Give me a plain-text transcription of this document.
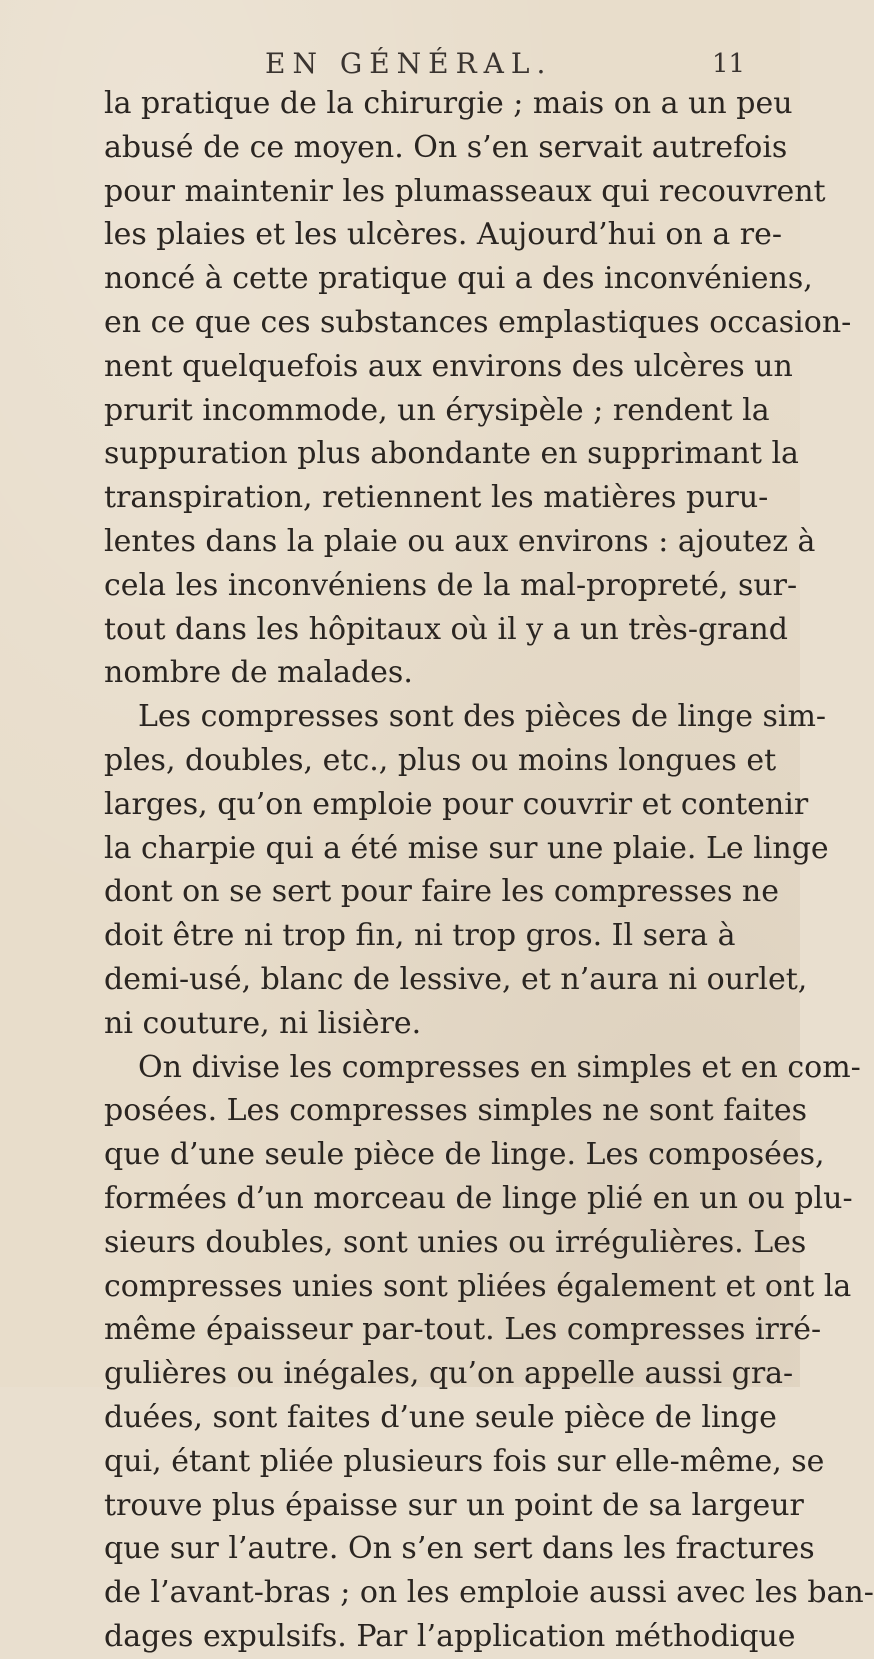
EN GÉNÉRAL.	11
la pratique de la chirurgie ; mais on a un peu
abusé de ce moyen. On s’en servait autrefois
pour maintenir les plumasseaux qui recouvrent
les plaies et les ulcères. Aujourd’hui on a re-
noncé à cette pratique qui a des inconvéniens,
en ce que ces substances emplastiques occasion-
nent quelquefois aux environs des ulcères un
prurit incommode, un érysipèle ; rendent la
suppuration plus abondante en supprimant la
transpiration, retiennent les matières puru-
lentes dans la plaie ou aux environs : ajoutez à
cela les inconvéniens de la mal-propreté, sur-
tout dans les hôpitaux où il y a un très-grand
nombre de malades.
Les compresses sont des pièces de linge sim-
ples, doubles, etc., plus ou moins longues et
larges, qu’on emploie pour couvrir et contenir
la charpie qui a été mise sur une plaie. Le linge
dont on se sert pour faire les compresses ne
doit être ni trop fin, ni trop gros. Il sera à
demi-usé, blanc de lessive, et n’aura ni ourlet,
ni couture, ni lisière.
On divise les compresses en simples et en com-
posées. Les compresses simples ne sont faites
que d’une seule pièce de linge. Les composées,
formées d’un morceau de linge plié en un ou plu-
sieurs doubles, sont unies ou irrégulières. Les
compresses unies sont pliées également et ont la
même épaisseur par-tout. Les compresses irré-
gulières ou inégales, qu’on appelle aussi gra-
duées, sont faites d’une seule pièce de linge
qui, étant pliée plusieurs fois sur elle-même, se
trouve plus épaisse sur un point de sa largeur
que sur l’autre. On s’en sert dans les fractures
de l’avant-bras ; on les emploie aussi avec les ban-
dages expulsifs. Par l’application méthodique
